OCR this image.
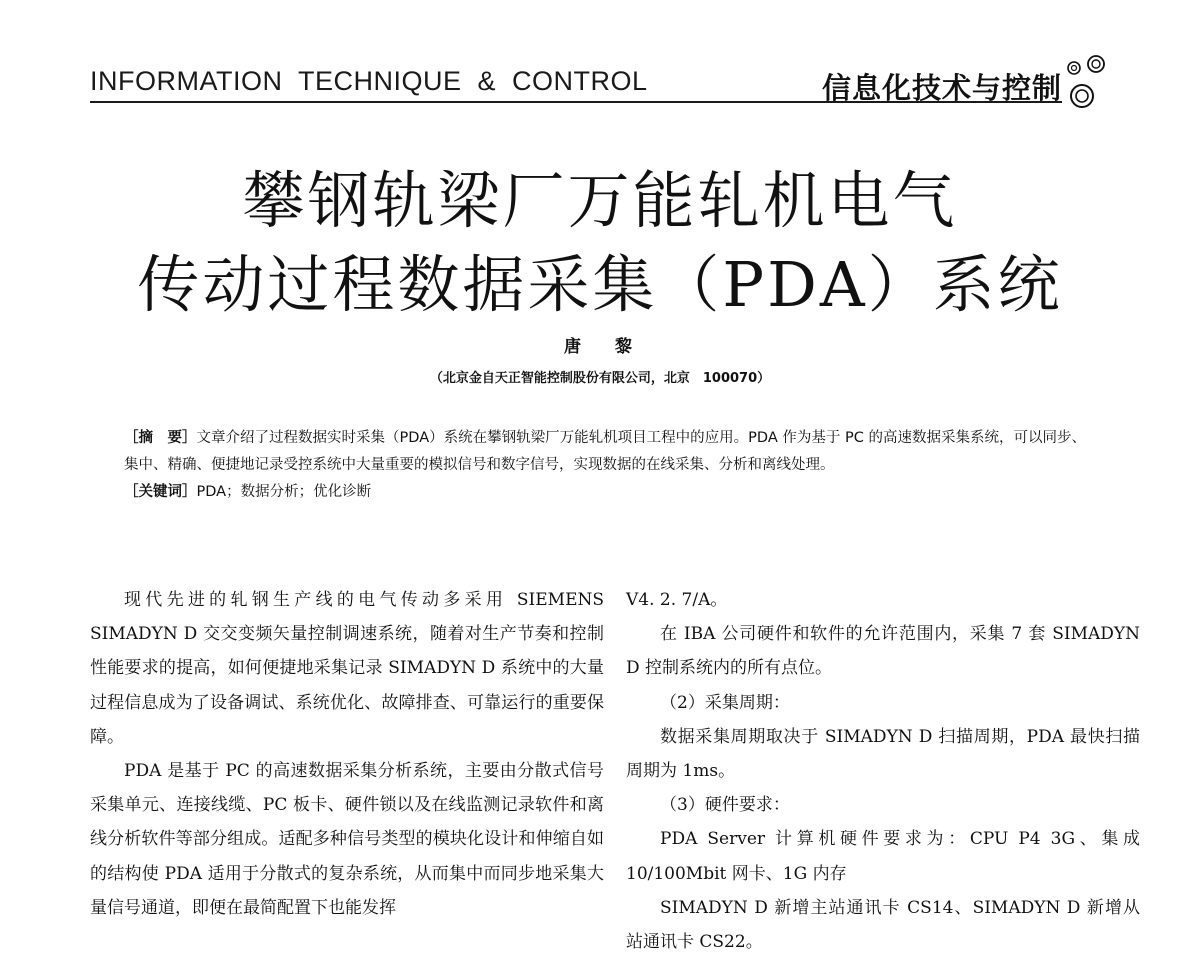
INFORMATION  TECHNIQUE  &  CONTROL	信息化技术与控制
攀钢轨梁厂万能轧机电气
传动过程数据采集（PDA）系统
唐 黎
（北京金自天正智能控制股份有限公司，北京　100070）

［摘　要］文章介绍了过程数据实时采集（PDA）系统在攀钢轨梁厂万能轧机项目工程中的应用。PDA 作为基于 PC 的高速数据采集系统，可以同步、集中、精确、便捷地记录受控系统中大量重要的模拟信号和数字信号，实现数据的在线采集、分析和离线处理。

［关键词］PDA；数据分析；优化诊断

现代先进的轧钢生产线的电气传动多采用 SIEMENS SIMADYN D 交交变频矢量控制调速系统，随着对生产节奏和控制性能要求的提高，如何便捷地采集记录 SIMADYN D 系统中的大量过程信息成为了设备调试、系统优化、故障排查、可靠运行的重要保障。

PDA 是基于 PC 的高速数据采集分析系统，主要由分散式信号采集单元、连接线缆、PC 板卡、硬件锁以及在线监测记录软件和离线分析软件等部分组成。适配多种信号类型的模块化设计和伸缩自如的结构使 PDA 适用于分散式的复杂系统，从而集中而同步地采集大量信号通道，即便在最简配置下也能发挥

V4. 2. 7/A。

在 IBA 公司硬件和软件的允许范围内，采集 7 套 SIMADYN D 控制系统内的所有点位。

（2）采集周期：

数据采集周期取决于 SIMADYN D 扫描周期，PDA 最快扫描周期为 1ms。

（3）硬件要求：

PDA Server 计算机硬件要求为：CPU P4 3G、集成 10/100Mbit 网卡、1G 内存

SIMADYN D 新增主站通讯卡 CS14、SIMADYN D 新增从站通讯卡 CS22。
